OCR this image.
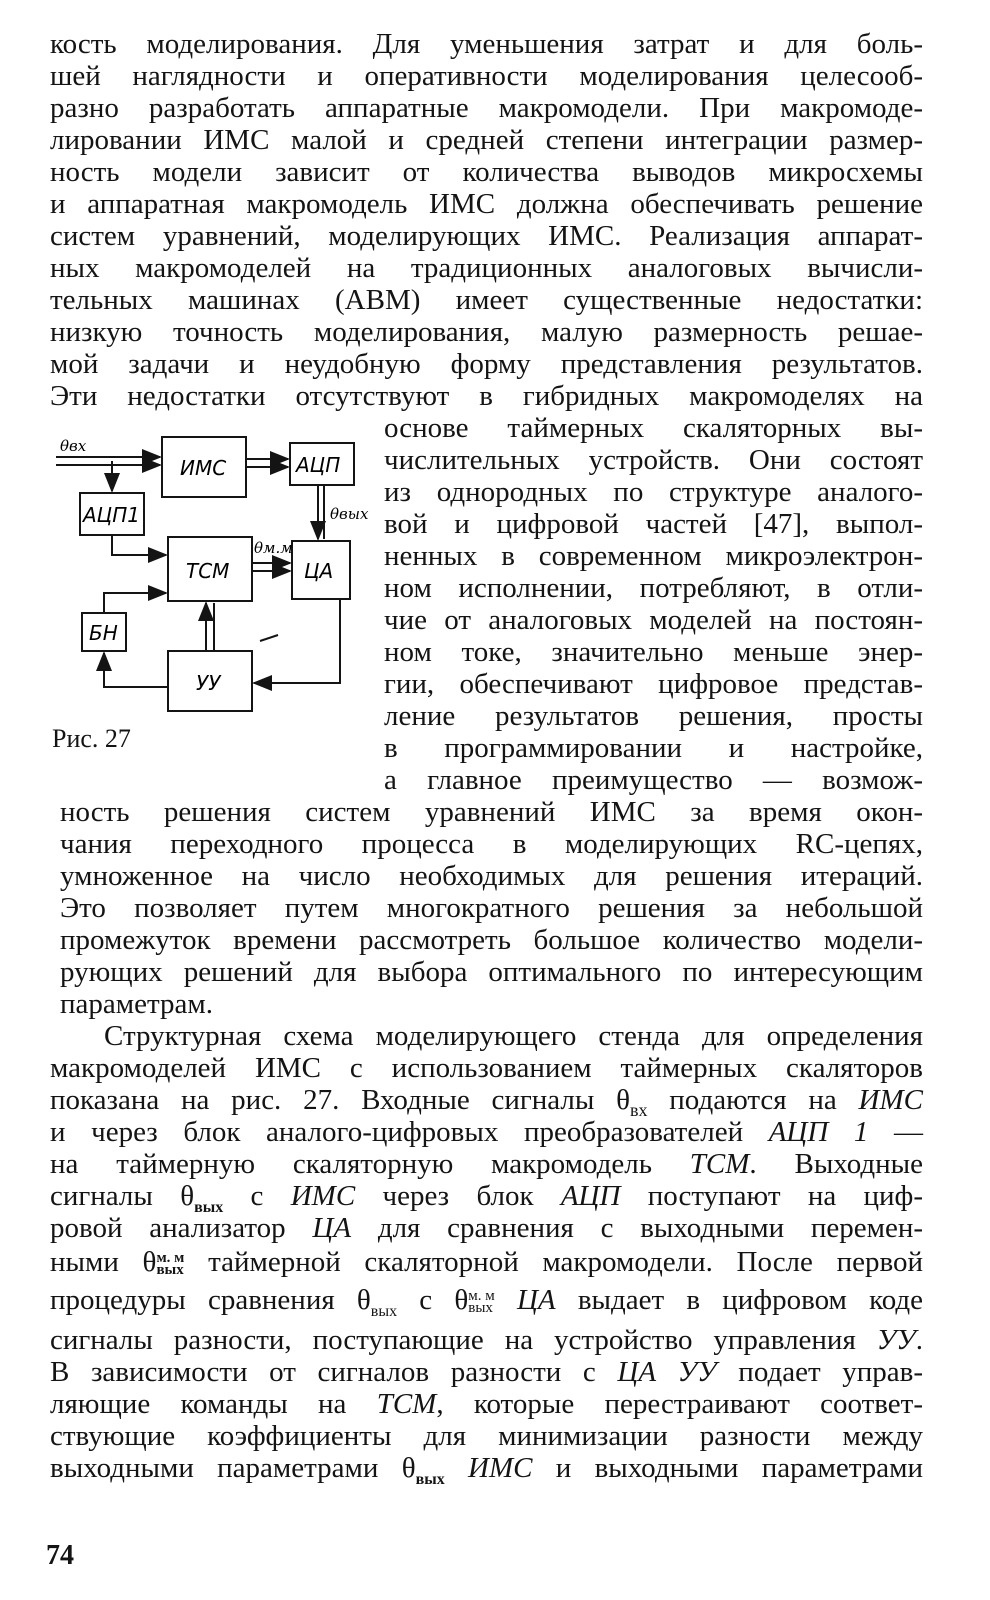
кость моделирования. Для уменьшения затрат и для боль-
шей наглядности и оперативности моделирования целесооб-
разно разработать аппаратные макромодели. При макромоде-
лировании ИМС малой и средней степени интеграции размер-
ность модели зависит от количества выводов микросхемы
и аппаратная макромодель ИМС должна обеспечивать решение
систем уравнений, моделирующих ИМС. Реализация аппарат-
ных макромоделей на традиционных аналоговых вычисли-
тельных машинах (АВМ) имеет существенные недостатки:
низкую точность моделирования, малую размерность решае-
мой задачи и неудобную форму представления результатов.
Эти недостатки отсутствуют в гибридных макромоделях на
ИМС	АЦП
АЦП1
ТСМ	ЦА
БН
УУ
θвх
θвых
θм.м
Рис. 27
основе таймерных скаляторных вы-
числительных устройств. Они состоят
из однородных по структуре аналого-
вой и цифровой частей [47], выпол-
ненных в современном микроэлектрон-
ном исполнении, потребляют, в отли-
чие от аналоговых моделей на постоян-
ном токе, значительно меньше энер-
гии, обеспечивают цифровое представ-
ление результатов решения, просты
в программировании и настройке,
а главное преимущество — возмож-
ность решения систем уравнений ИМС за время окон-
чания переходного процесса в моделирующих RC-цепях,
умноженное на число необходимых для решения итераций.
Это позволяет путем многократного решения за небольшой
промежуток времени рассмотреть большое количество модели-
рующих решений для выбора оптимального по интересующим
параметрам.
Структурная схема моделирующего стенда для определения
макромоделей ИМС с использованием таймерных скаляторов
показана на рис. 27. Входные сигналы $\theta_{вх}$ подаются на ИМС
и через блок аналого-цифровых преобразователей АЦП 1 —
на таймерную скаляторную макромодель ТСМ. Выходные
сигналы $\theta_{вых}$ с ИМС через блок АЦП поступают на циф-
ровой анализатор ЦА для сравнения с выходными перемен-
ными θм. м
вых таймерной скаляторной макромодели. После первой
процедуры сравнения $\theta_{вых}$ с θм. м
вых ЦА выдает в цифровом коде
сигналы разности, поступающие на устройство управления УУ.
В зависимости от сигналов разности с ЦА УУ подает управ-
ляющие команды на ТСМ, которые перестраивают соответ-
ствующие коэффициенты для минимизации разности между
выходными параметрами $\theta_{вых}$ ИМС и выходными параметрами
74
